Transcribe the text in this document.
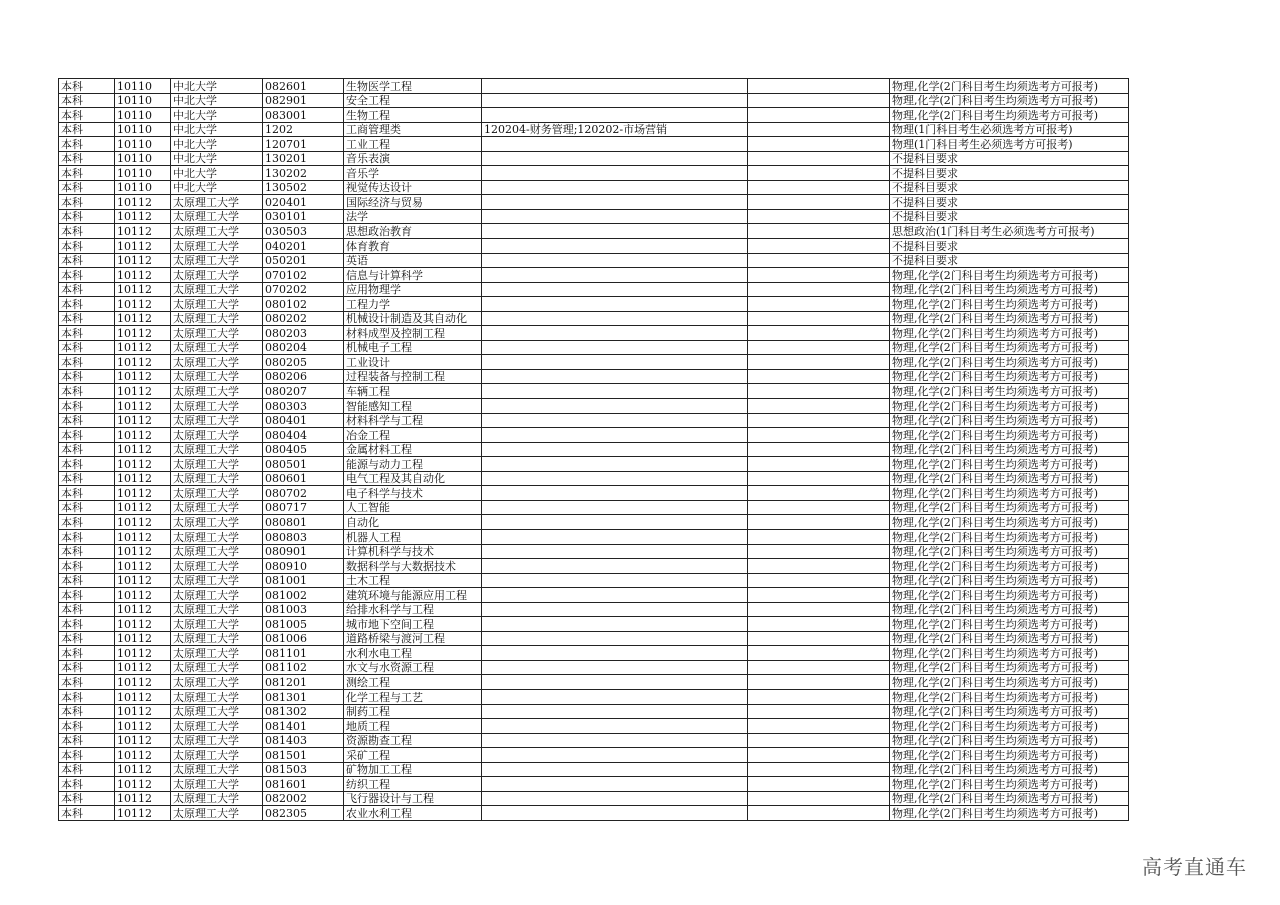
本科	10110	中北大学	082601	生物医学工程			物理,化学(2门科目考生均须选考方可报考)
本科	10110	中北大学	082901	安全工程			物理,化学(2门科目考生均须选考方可报考)
本科	10110	中北大学	083001	生物工程			物理,化学(2门科目考生均须选考方可报考)
本科	10110	中北大学	1202	工商管理类	120204-财务管理;120202-市场营销		物理(1门科目考生必须选考方可报考)
本科	10110	中北大学	120701	工业工程			物理(1门科目考生必须选考方可报考)
本科	10110	中北大学	130201	音乐表演			不提科目要求
本科	10110	中北大学	130202	音乐学			不提科目要求
本科	10110	中北大学	130502	视觉传达设计			不提科目要求
本科	10112	太原理工大学	020401	国际经济与贸易			不提科目要求
本科	10112	太原理工大学	030101	法学			不提科目要求
本科	10112	太原理工大学	030503	思想政治教育			思想政治(1门科目考生必须选考方可报考)
本科	10112	太原理工大学	040201	体育教育			不提科目要求
本科	10112	太原理工大学	050201	英语			不提科目要求
本科	10112	太原理工大学	070102	信息与计算科学			物理,化学(2门科目考生均须选考方可报考)
本科	10112	太原理工大学	070202	应用物理学			物理,化学(2门科目考生均须选考方可报考)
本科	10112	太原理工大学	080102	工程力学			物理,化学(2门科目考生均须选考方可报考)
本科	10112	太原理工大学	080202	机械设计制造及其自动化			物理,化学(2门科目考生均须选考方可报考)
本科	10112	太原理工大学	080203	材料成型及控制工程			物理,化学(2门科目考生均须选考方可报考)
本科	10112	太原理工大学	080204	机械电子工程			物理,化学(2门科目考生均须选考方可报考)
本科	10112	太原理工大学	080205	工业设计			物理,化学(2门科目考生均须选考方可报考)
本科	10112	太原理工大学	080206	过程装备与控制工程			物理,化学(2门科目考生均须选考方可报考)
本科	10112	太原理工大学	080207	车辆工程			物理,化学(2门科目考生均须选考方可报考)
本科	10112	太原理工大学	080303	智能感知工程			物理,化学(2门科目考生均须选考方可报考)
本科	10112	太原理工大学	080401	材料科学与工程			物理,化学(2门科目考生均须选考方可报考)
本科	10112	太原理工大学	080404	冶金工程			物理,化学(2门科目考生均须选考方可报考)
本科	10112	太原理工大学	080405	金属材料工程			物理,化学(2门科目考生均须选考方可报考)
本科	10112	太原理工大学	080501	能源与动力工程			物理,化学(2门科目考生均须选考方可报考)
本科	10112	太原理工大学	080601	电气工程及其自动化			物理,化学(2门科目考生均须选考方可报考)
本科	10112	太原理工大学	080702	电子科学与技术			物理,化学(2门科目考生均须选考方可报考)
本科	10112	太原理工大学	080717	人工智能			物理,化学(2门科目考生均须选考方可报考)
本科	10112	太原理工大学	080801	自动化			物理,化学(2门科目考生均须选考方可报考)
本科	10112	太原理工大学	080803	机器人工程			物理,化学(2门科目考生均须选考方可报考)
本科	10112	太原理工大学	080901	计算机科学与技术			物理,化学(2门科目考生均须选考方可报考)
本科	10112	太原理工大学	080910	数据科学与大数据技术			物理,化学(2门科目考生均须选考方可报考)
本科	10112	太原理工大学	081001	土木工程			物理,化学(2门科目考生均须选考方可报考)
本科	10112	太原理工大学	081002	建筑环境与能源应用工程			物理,化学(2门科目考生均须选考方可报考)
本科	10112	太原理工大学	081003	给排水科学与工程			物理,化学(2门科目考生均须选考方可报考)
本科	10112	太原理工大学	081005	城市地下空间工程			物理,化学(2门科目考生均须选考方可报考)
本科	10112	太原理工大学	081006	道路桥梁与渡河工程			物理,化学(2门科目考生均须选考方可报考)
本科	10112	太原理工大学	081101	水利水电工程			物理,化学(2门科目考生均须选考方可报考)
本科	10112	太原理工大学	081102	水文与水资源工程			物理,化学(2门科目考生均须选考方可报考)
本科	10112	太原理工大学	081201	测绘工程			物理,化学(2门科目考生均须选考方可报考)
本科	10112	太原理工大学	081301	化学工程与工艺			物理,化学(2门科目考生均须选考方可报考)
本科	10112	太原理工大学	081302	制药工程			物理,化学(2门科目考生均须选考方可报考)
本科	10112	太原理工大学	081401	地质工程			物理,化学(2门科目考生均须选考方可报考)
本科	10112	太原理工大学	081403	资源勘查工程			物理,化学(2门科目考生均须选考方可报考)
本科	10112	太原理工大学	081501	采矿工程			物理,化学(2门科目考生均须选考方可报考)
本科	10112	太原理工大学	081503	矿物加工工程			物理,化学(2门科目考生均须选考方可报考)
本科	10112	太原理工大学	081601	纺织工程			物理,化学(2门科目考生均须选考方可报考)
本科	10112	太原理工大学	082002	飞行器设计与工程			物理,化学(2门科目考生均须选考方可报考)
本科	10112	太原理工大学	082305	农业水利工程			物理,化学(2门科目考生均须选考方可报考)
高考直通车
